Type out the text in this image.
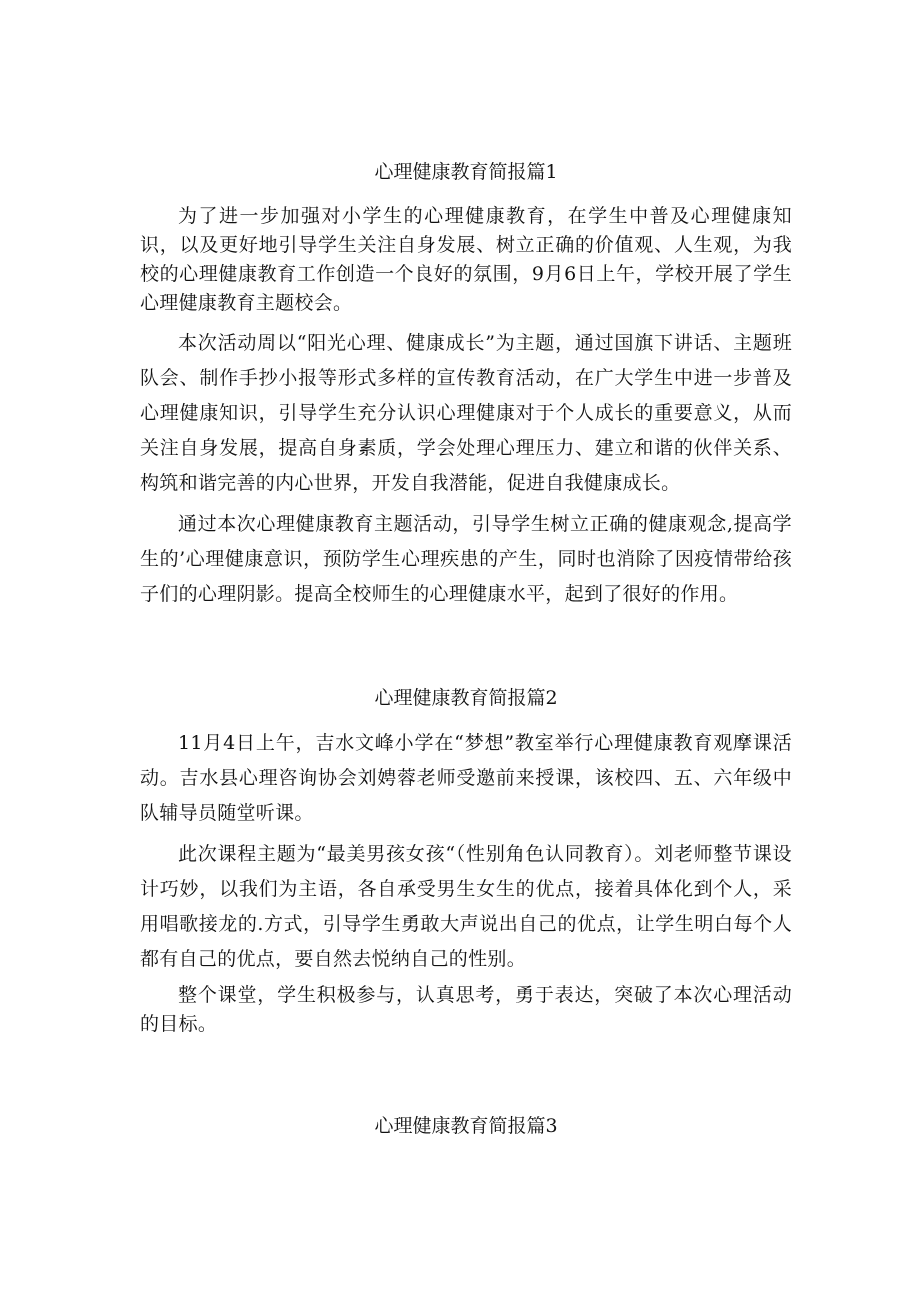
心理健康教育简报篇1

为了进一步加强对小学生的心理健康教育，在学生中普及心理健康知识，以及更好地引导学生关注自身发展、树立正确的价值观、人生观，为我校的心理健康教育工作创造一个良好的氛围，9月6日上午，学校开展了学生心理健康教育主题校会。

本次活动周以“阳光心理、健康成长”为主题，通过国旗下讲话、主题班队会、制作手抄小报等形式多样的宣传教育活动，在广大学生中进一步普及心理健康知识，引导学生充分认识心理健康对于个人成长的重要意义，从而关注自身发展，提高自身素质，学会处理心理压力、建立和谐的伙伴关系、构筑和谐完善的内心世界，开发自我潜能，促进自我健康成长。

通过本次心理健康教育主题活动，引导学生树立正确的健康观念,提高学生的’心理健康意识，预防学生心理疾患的产生，同时也消除了因疫情带给孩子们的心理阴影。提高全校师生的心理健康水平，起到了很好的作用。

心理健康教育简报篇2

11月4日上午，吉水文峰小学在“梦想”教室举行心理健康教育观摩课活动。吉水县心理咨询协会刘娉蓉老师受邀前来授课，该校四、五、六年级中队辅导员随堂听课。

此次课程主题为“最美男孩女孩“（性别角色认同教育）。刘老师整节课设计巧妙，以我们为主语，各自承受男生女生的优点，接着具体化到个人，采用唱歌接龙的.方式，引导学生勇敢大声说出自己的优点，让学生明白每个人都有自己的优点，要自然去悦纳自己的性别。

整个课堂，学生积极参与，认真思考，勇于表达，突破了本次心理活动的目标。

心理健康教育简报篇3
